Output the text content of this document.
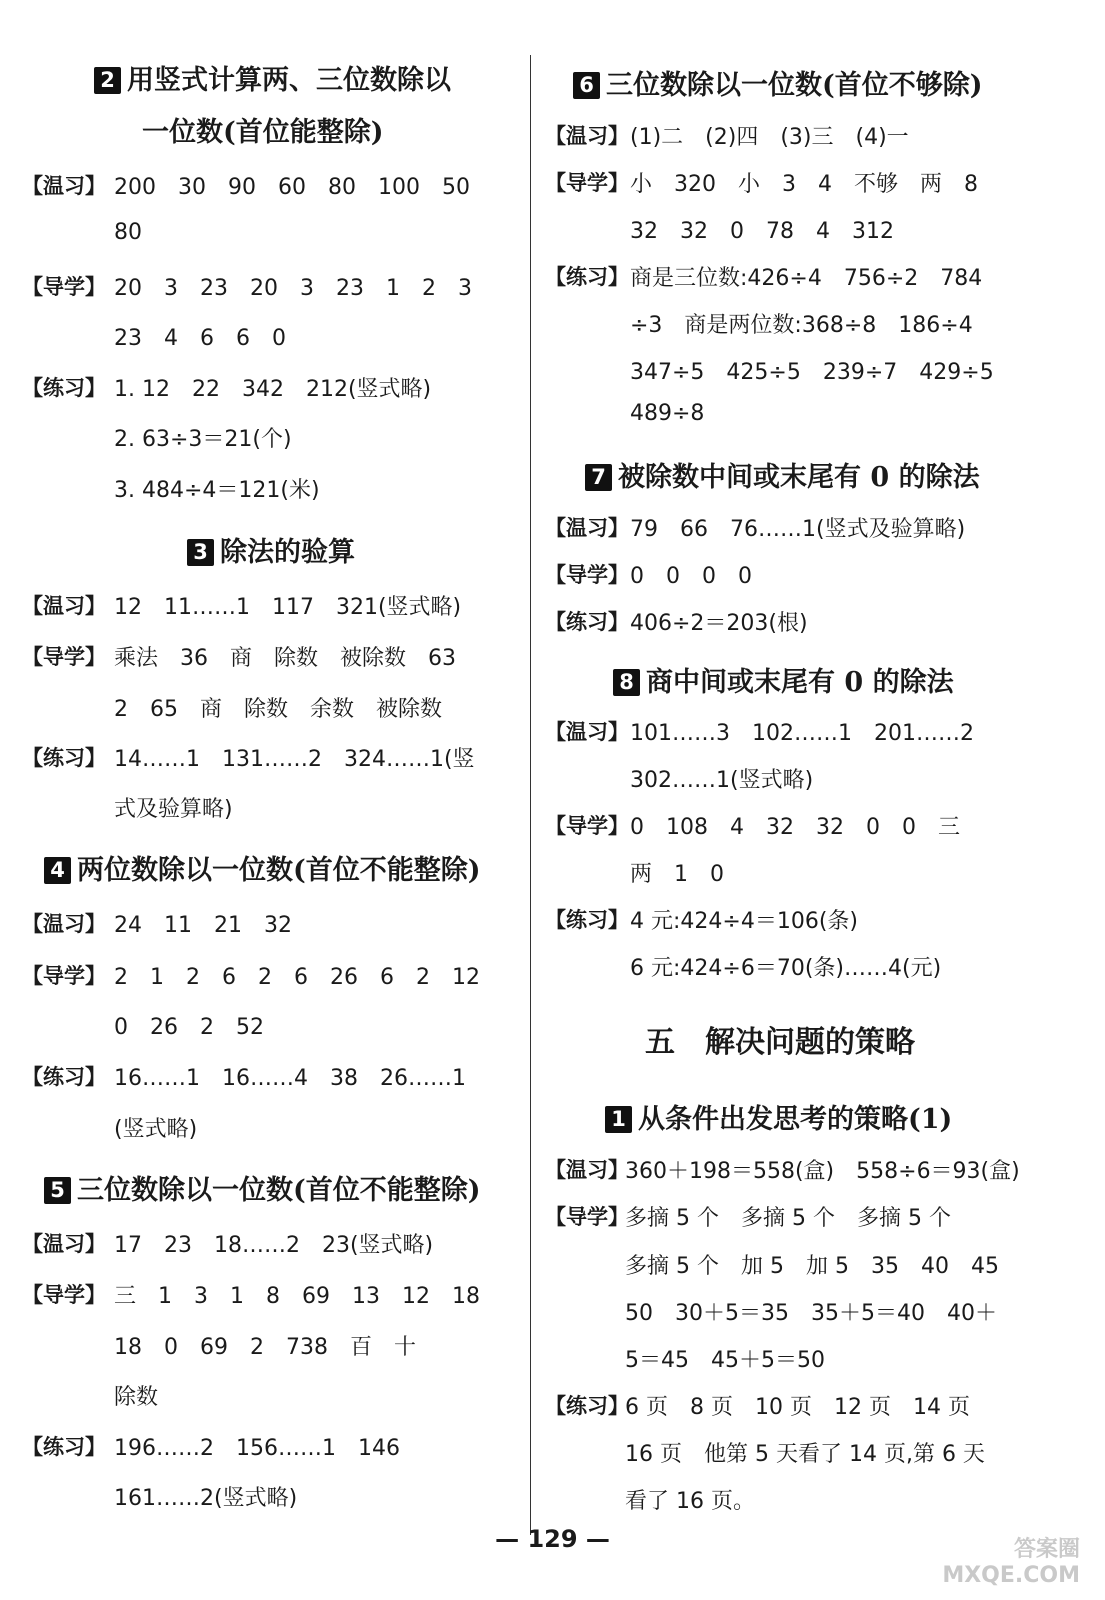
2 用竖式计算两、三位数除以
一位数(首位能整除)
【温习】 200　30　90　60　80　100　50
80
【导学】 20　3　23　20　3　23　1　2　3
23　4　6　6　0
【练习】 1. 12　22　342　212(竖式略)
2. 63÷3＝21(个)
3. 484÷4＝121(米)
3 除法的验算
【温习】 12　11……1　117　321(竖式略)
【导学】 乘法　36　商　除数　被除数　63
2　65　商　除数　余数　被除数
【练习】 14……1　131……2　324……1(竖
式及验算略)
4 两位数除以一位数(首位不能整除)
【温习】 24　11　21　32
【导学】 2　1　2　6　2　6　26　6　2　12
0　26　2　52
【练习】 16……1　16……4　38　26……1
(竖式略)
5 三位数除以一位数(首位不能整除)
【温习】 17　23　18……2　23(竖式略)
【导学】 三　1　3　1　8　69　13　12　18
18　0　69　2　738　百　十
除数
【练习】 196……2　156……1　146
161……2(竖式略)
6 三位数除以一位数(首位不够除)
【温习】 (1)二　(2)四　(3)三　(4)一
【导学】 小　320　小　3　4　不够　两　8
32　32　0　78　4　312
【练习】 商是三位数:426÷4　756÷2　784
÷3　商是两位数:368÷8　186÷4
347÷5　425÷5　239÷7　429÷5
489÷8
7 被除数中间或末尾有 0 的除法
【温习】 79　66　76……1(竖式及验算略)
【导学】 0　0　0　0
【练习】 406÷2＝203(根)
8 商中间或末尾有 0 的除法
【温习】 101……3　102……1　201……2
302……1(竖式略)
【导学】 0　108　4　32　32　0　0　三
两　1　0
【练习】 4 元:424÷4＝106(条)
6 元:424÷6＝70(条)……4(元)
五　解决问题的策略
1 从条件出发思考的策略(1)
【温习】
360＋198＝558(盒)　558÷6＝93(盒)
【导学】
多摘 5 个　多摘 5 个　多摘 5 个
多摘 5 个　加 5　加 5　35　40　45
50　30＋5＝35　35＋5＝40　40＋
5＝45　45＋5＝50
【练习】
6 页　8 页　10 页　12 页　14 页
16 页　他第 5 天看了 14 页,第 6 天
看了 16 页。
— 129 —	答案圈 MXQE.COM
